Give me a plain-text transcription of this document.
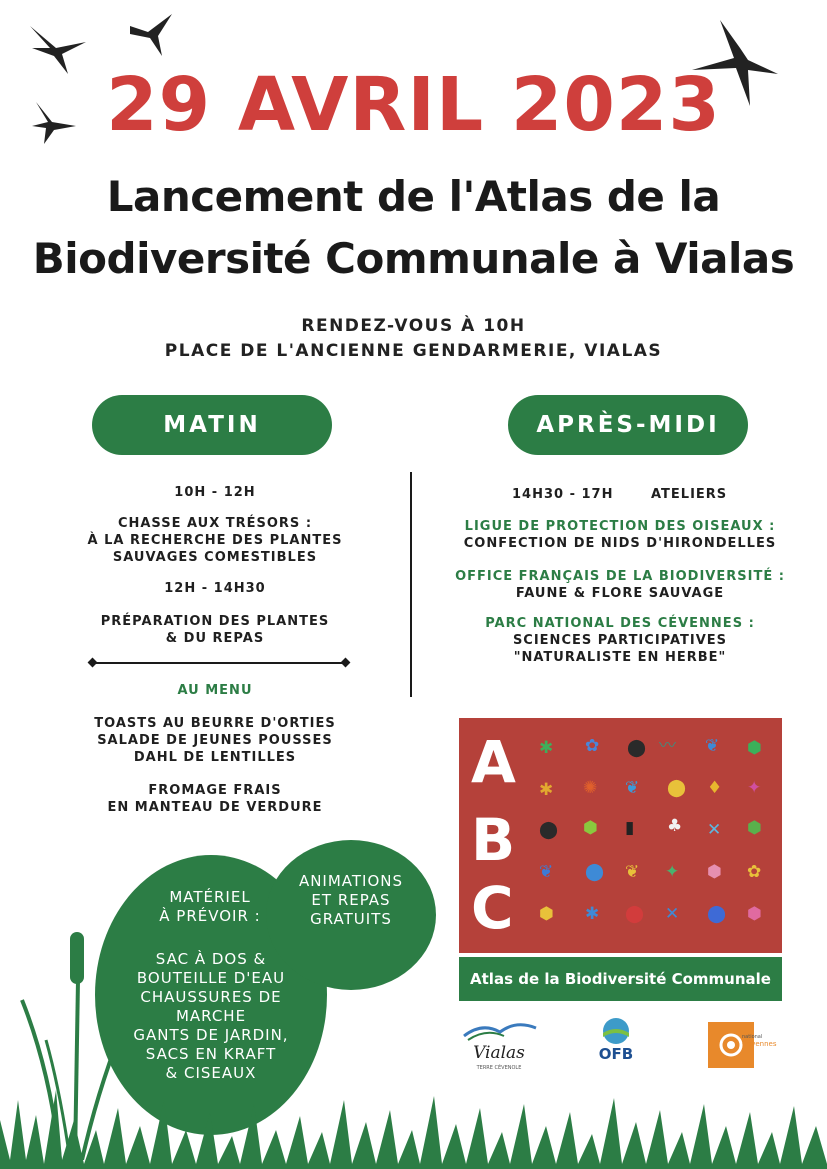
29 AVRIL 2023
Lancement de l'Atlas de la
Biodiversité Communale à Vialas
RENDEZ-VOUS À 10H
PLACE DE L'ANCIENNE GENDARMERIE, VIALAS
MATIN	APRÈS-MIDI
10H - 12H
CHASSE AUX TRÉSORS :
À LA RECHERCHE DES PLANTES
SAUVAGES COMESTIBLES
12H - 14H30
PRÉPARATION DES PLANTES
& DU REPAS
AU MENU
TOASTS AU BEURRE D'ORTIES
SALADE DE JEUNES POUSSES
DAHL DE LENTILLES
FROMAGE FRAIS
EN MANTEAU DE VERDURE
14H30 - 17H	ATELIERS
LIGUE DE PROTECTION DES OISEAUX :
CONFECTION DE NIDS D'HIRONDELLES
OFFICE FRANÇAIS DE LA BIODIVERSITÉ :
FAUNE & FLORE SAUVAGE
PARC NATIONAL DES CÉVENNES :
SCIENCES PARTICIPATIVES
"NATURALISTE EN HERBE"
A
B
C
✱ ✿ ⬤ 〰 ❦ ⬢
✱ ✺ ❦ ⬤ ♦ ✦
⬤ ⬢ ▮ ♣ ✕ ⬢
❦ ⬤ ❦ ✦ ⬢ ✿
⬢ ✱ ⬤ ✕ ⬤ ⬢
Atlas de la Biodiversité Communale
Vialas
TERRE CÉVENOLE
OFB
national
Cévennes
ANIMATIONS
ET REPAS
GRATUITS
MATÉRIEL
À PRÉVOIR :
SAC À DOS &
BOUTEILLE D'EAU
CHAUSSURES DE
MARCHE
GANTS DE JARDIN,
SACS EN KRAFT
& CISEAUX
